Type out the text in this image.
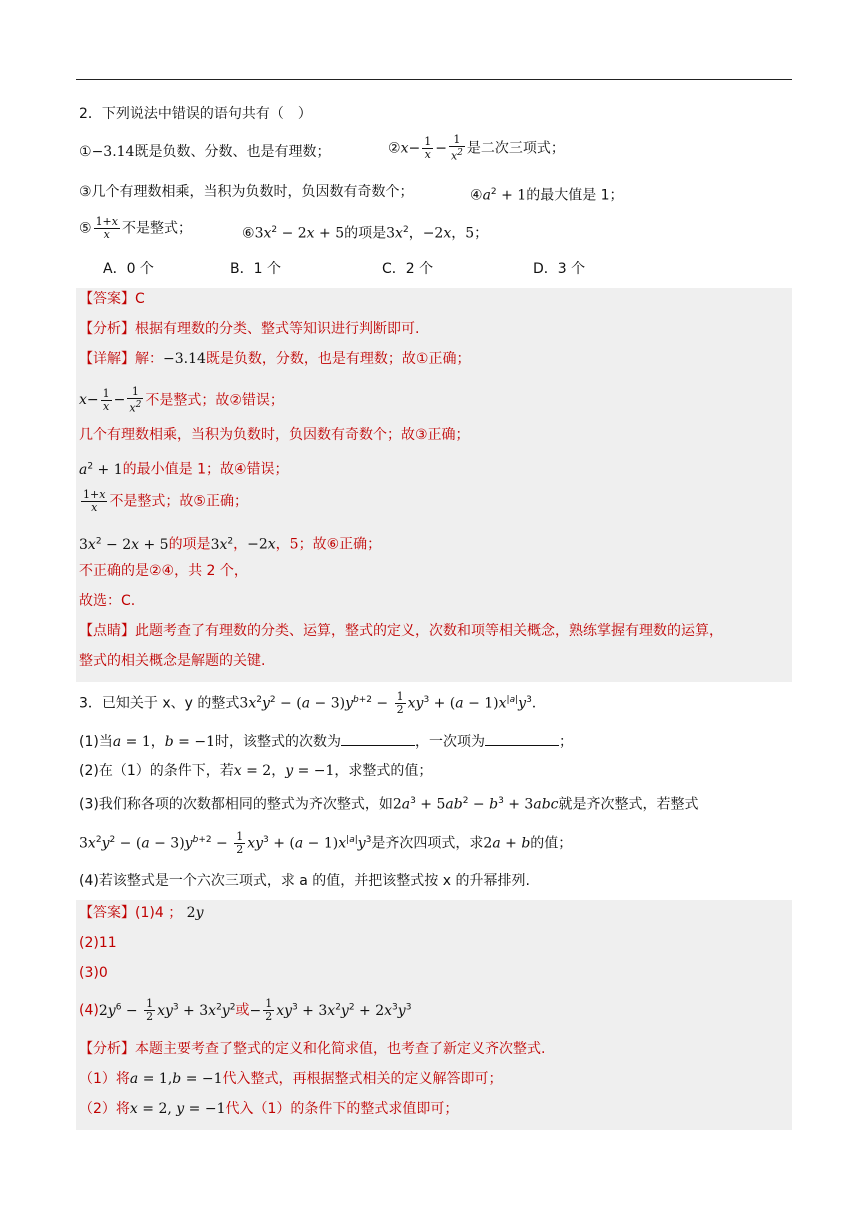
2．下列说法中错误的语句共有（　）
①−3.14既是负数、分数、也是有理数；	②x− $\frac{1}{x} - \frac{1}{x^2}$ 是二次三项式；
③几个有理数相乘，当积为负数时，负因数有奇数个；	$④a^2 + 1$的最大值是 1；
⑤ $\frac{1+x}{x}$ 不是整式；	$⑥3x^2 - 2x + 5$的项是$3x^2$，−2x，5；
A．0 个	B．1 个	C．2 个	D．3 个
【答案】C
【分析】根据有理数的分类、整式等知识进行判断即可.
【详解】解：−3.14既是负数，分数，也是有理数；故①正确；
$x- \frac{1}{x} - \frac{1}{x^2}$ 不是整式；故②错误；
几个有理数相乘，当积为负数时，负因数有奇数个；故③正确；
$a^2 + 1$的最小值是 1；故④错误；
$\frac{1+x}{x}$ 不是整式；故⑤正确；
$3x^2 - 2x + 5$的项是$3x^2$，−2x，5；故⑥正确；
不正确的是②④，共 2 个，
故选：C.
【点睛】此题考查了有理数的分类、运算，整式的定义，次数和项等相关概念，熟练掌握有理数的运算，
整式的相关概念是解题的关键.
3．已知关于 x、y 的整式$3x^2y^2 - (a - 3)y^{b+2} - \frac{1}{2} xy^3 + (a - 1)x^{|a|}y^3$.
(1)当a = 1，b = −1时，该整式的次数为	，一次项为	；
(2)在（1）的条件下，若x = 2，y = −1，求整式的值；
(3)我们称各项的次数都相同的整式为齐次整式，如$2a^3 + 5ab^2 - b^3 + 3abc$就是齐次整式，若整式
$3x^2y^2 - (a - 3)y^{b+2} - \frac{1}{2} xy^3 + (a - 1)x^{|a|}y^3$是齐次四项式，求2a + b的值；
(4)若该整式是一个六次三项式，求 a 的值，并把该整式按 x 的升幂排列.
【答案】(1)4 ； 2y
(2)11
(3)0
$(4)2y^6 - \frac{1}{2} xy^3 + 3x^2y^2$或− $\frac{1}{2} xy^3 + 3x^2y^2 + 2x^3y^3$
【分析】本题主要考查了整式的定义和化简求值，也考查了新定义齐次整式.
（1）将a = 1,b = −1代入整式，再根据整式相关的定义解答即可；
（2）将x = 2, y = −1代入（1）的条件下的整式求值即可；
